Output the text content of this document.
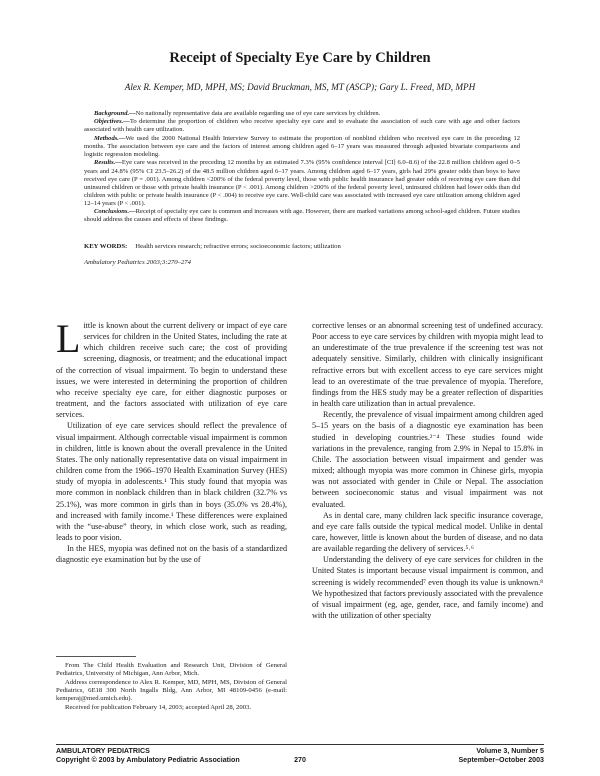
Receipt of Specialty Eye Care by Children
Alex R. Kemper, MD, MPH, MS; David Bruckman, MS, MT (ASCP); Gary L. Freed, MD, MPH

Background.—No nationally representative data are available regarding use of eye care services by children.

Objectives.—To determine the proportion of children who receive specialty eye care and to evaluate the association of such care with age and other factors associated with health care utilization.

Methods.—We used the 2000 National Health Interview Survey to estimate the proportion of nonblind children who received eye care in the preceding 12 months. The association between eye care and the factors of interest among children aged 6–17 years was measured through adjusted bivariate comparisons and logistic regression modeling.

Results.—Eye care was received in the preceding 12 months by an estimated 7.3% (95% confidence interval [CI] 6.0–8.6) of the 22.8 million children aged 0–5 years and 24.8% (95% CI 23.5–26.2) of the 48.5 million children aged 6–17 years. Among children aged 6–17 years, girls had 29% greater odds than boys to have received eye care (P = .001). Among children <200% of the federal poverty level, those with public health insurance had greater odds of receiving eye care than did uninsured children or those with private health insurance (P < .001). Among children >200% of the federal poverty level, uninsured children had lower odds than did children with public or private health insurance (P < .004) to receive eye care. Well-child care was associated with increased eye care utilization among children aged 12–14 years (P < .001).

Conclusions.—Receipt of specialty eye care is common and increases with age. However, there are marked variations among school-aged children. Future studies should address the causes and effects of these findings.

KEY WORDS: Health services research; refractive errors; socioeconomic factors; utilization
Ambulatory Pediatrics 2003;3:270–274

Little is known about the current delivery or impact of eye care services for children in the United States, including the rate at which children receive such care; the cost of providing screening, diagnosis, or treatment; and the educational impact of the correction of visual impairment. To begin to understand these issues, we were interested in determining the proportion of children who receive specialty eye care, for either diagnostic purposes or treatment, and the factors associated with utilization of eye care services.

Utilization of eye care services should reflect the prevalence of visual impairment. Although correctable visual impairment is common in children, little is known about the overall prevalence in the United States. The only nationally representative data on visual impairment in children come from the 1966–1970 Health Examination Survey (HES) study of myopia in adolescents.¹ This study found that myopia was more common in nonblack children than in black children (32.7% vs 25.1%), was more common in girls than in boys (35.0% vs 28.4%), and increased with family income.¹ These differences were explained with the “use-abuse” theory, in which close work, such as reading, leads to poor vision.

In the HES, myopia was defined not on the basis of a standardized diagnostic eye examination but by the use of

corrective lenses or an abnormal screening test of undefined accuracy. Poor access to eye care services by children with myopia might lead to an underestimate of the true prevalence if the screening test was not adequately sensitive. Similarly, children with clinically insignificant refractive errors but with excellent access to eye care services might lead to an overestimate of the true prevalence of myopia. Therefore, findings from the HES study may be a greater reflection of disparities in health care utilization than in actual prevalence.

Recently, the prevalence of visual impairment among children aged 5–15 years on the basis of a diagnostic eye examination has been studied in developing countries.²⁻⁴ These studies found wide variations in the prevalence, ranging from 2.9% in Nepal to 15.8% in Chile. The association between visual impairment and gender was mixed; although myopia was more common in Chinese girls, myopia was not associated with gender in Chile or Nepal. The association between socioeconomic status and visual impairment was not evaluated.

As in dental care, many children lack specific insurance coverage, and eye care falls outside the typical medical model. Unlike in dental care, however, little is known about the burden of disease, and no data are available regarding the delivery of services.⁵˒⁶

Understanding the delivery of eye care services for children in the United States is important because visual impairment is common, and screening is widely recommended⁷ even though its value is unknown.⁸ We hypothesized that factors previously associated with the prevalence of visual impairment (eg, age, gender, race, and family income) and with the utilization of other specialty

From The Child Health Evaluation and Research Unit, Division of General Pediatrics, University of Michigan, Ann Arbor, Mich.

Address correspondence to Alex R. Kemper, MD, MPH, MS, Division of General Pediatrics, 6E18 300 North Ingalls Bldg, Ann Arbor, MI 48109-0456 (e-mail: kemperaj@med.umich.edu).

Received for publication February 14, 2003; accepted April 28, 2003.

AMBULATORY PEDIATRICS
Copyright © 2003 by Ambulatory Pediatric Association	270
Volume 3, Number 5
September–October 2003
